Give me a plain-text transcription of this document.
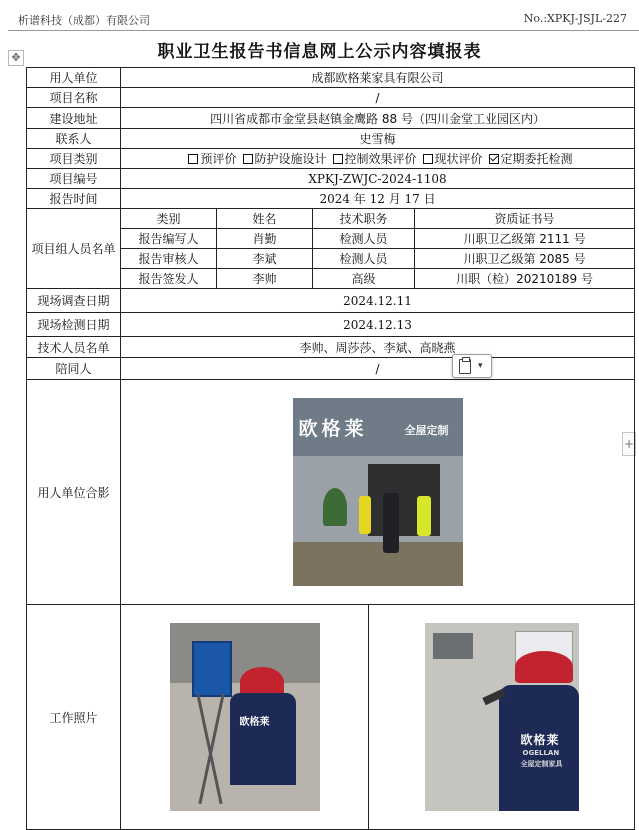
析谱科技（成都）有限公司	No.:XPKJ-JSJL-227
✥	职业卫生报告书信息网上公示内容填报表
+
用人单位	成都欧格莱家具有限公司				
项目名称	/				
建设地址	四川省成都市金堂县赵镇金鹰路 88 号（四川金堂工业园区内）				
联系人	史雪梅				
项目类别	预评价 防护设施设计 控制效果评价 现状评价 定期委托检测				
项目编号	XPKJ-ZWJC-2024-1108				
报告时间	2024 年 12 月 17 日				
项目组人员名单	类别	姓名	技术职务		资质证书号
	报告编写人	肖勤	检测人员		川职卫乙级第 2111 号
	报告审核人	李斌	检测人员		川职卫乙级第 2085 号
	报告签发人	李帅	高级		川职（检）20210189 号
现场调查日期	2024.12.11				
现场检测日期	2024.12.13				
技术人员名单	李帅、周莎莎、李斌、高晓燕				
陪同人	/				
用人单位合影	欧格莱 全屋定制				

工作照片	欧格莱			欧格莱
OGELLAN
全屋定制家具	
▾
